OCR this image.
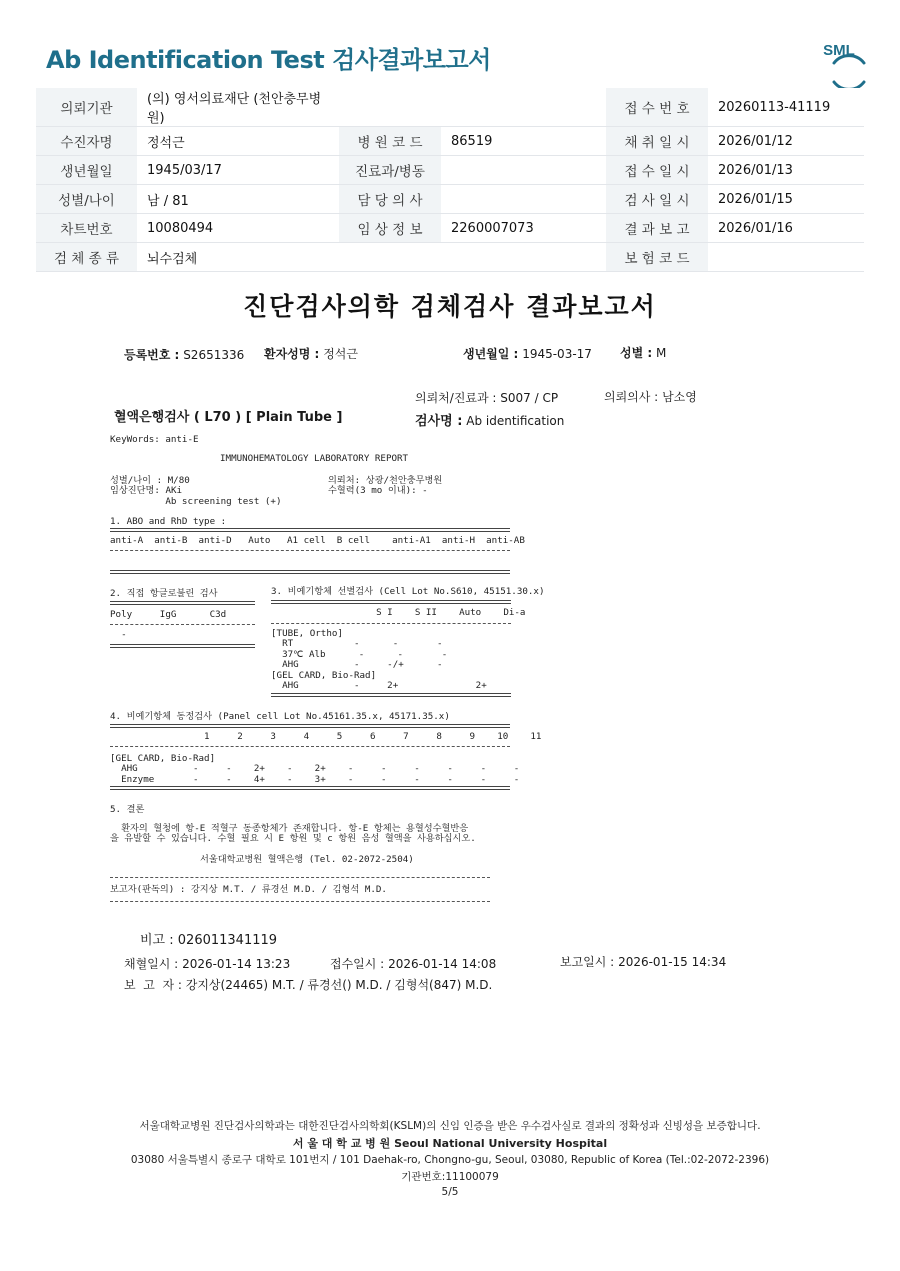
Ab Identification Test 검사결과보고서

	SML

의뢰기관	(의) 영서의료재단 (천안충무병원)			접 수 번 호	20260113-41119
수진자명	정석근	병 원 코 드	86519	채 취 일 시	2026/01/12
생년월일	1945/03/17	진료과/병동		접 수 일 시	2026/01/13
성별/나이	남 / 81	담 당 의 사		검 사 일 시	2026/01/15
차트번호	10080494	임 상 정 보	2260007073	결 과 보 고	2026/01/16
검 체 종 류	뇌수검체			보 험 코 드	
진단검사의학 검체검사 결과보고서
등록번호 : S2651336 환자성명 : 정석근	생년월일 : 1945-03-17 성별 : M
의뢰처/진료과 : S007 / CP	의뢰의사 : 남소영
혈액은행검사 ( L70 ) [ Plain Tube ]	검사명 : Ab identification
KeyWords: anti-E
IMMUNOHEMATOLOGY LABORATORY REPORT
성별/나이 : M/80
임상진단명: AKi
Ab screening test (+)
의뢰처: 상광/천안충무병원
수혈력(3 mo 이내): -
1. ABO and RhD type :
anti-A  anti-B  anti-D   Auto   A1 cell  B cell    anti-A1  anti-H  anti-AB
2. 직접 항글로불린 검사
Poly     IgG      C3d
-
3. 비예기항체 선별검사 (Cell Lot No.S610, 45151.30.x)
S I    S II    Auto    Di-a
[TUBE, Ortho]
RT           -      -       -
37℃ Alb      -      -       -
AHG          -     -/+      -
[GEL CARD, Bio-Rad]
AHG          -     2+              2+
4. 비예기항체 동정검사 (Panel cell Lot No.45161.35.x, 45171.35.x)
1     2     3     4     5     6     7     8     9    10    11
[GEL CARD, Bio-Rad]
AHG          -     -    2+    -    2+    -     -     -     -     -     -
Enzyme       -     -    4+    -    3+    -     -     -     -     -     -
5. 결론
환자의 혈청에 항-E 적혈구 동종항체가 존재합니다. 항-E 항체는 용혈성수혈반응
을 유발할 수 있습니다. 수혈 필요 시 E 항원 및 c 항원 음성 혈액을 사용하십시오.
서울대학교병원 혈액은행 (Tel. 02-2072-2504)
보고자(판독의) : 강지상 M.T. / 류경선 M.D. / 김형석 M.D.
비고 : 026011341119
채혈일시 : 2026-01-14 13:23	접수일시 : 2026-01-14 14:08	보고일시 : 2026-01-15 14:34
보  고  자 : 강지상(24465) M.T. / 류경선() M.D. / 김형석(847) M.D.
서울대학교병원 진단검사의학과는 대한진단검사의학회(KSLM)의 신임 인증을 받은 우수검사실로 결과의 정확성과 신빙성을 보증합니다.
서 울 대 학 교 병 원 Seoul National University Hospital
03080 서울특별시 종로구 대학로 101번지 / 101 Daehak-ro, Chongno-gu, Seoul, 03080, Republic of Korea (Tel.:02-2072-2396)
기관번호:11100079
5/5
